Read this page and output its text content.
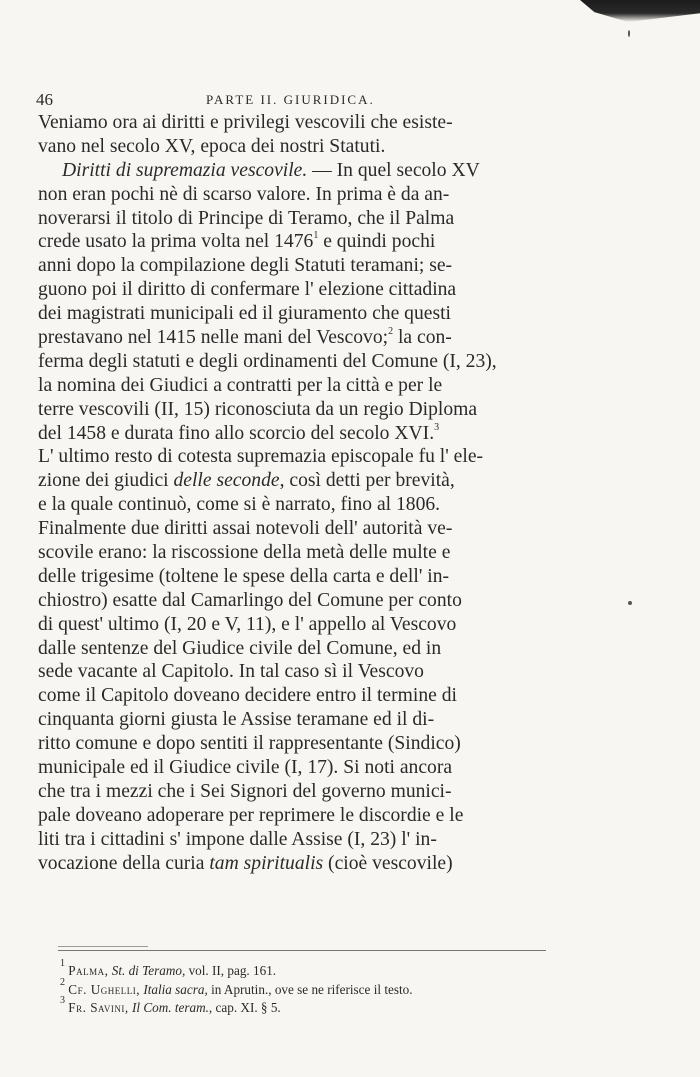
46	PARTE II. GIURIDICA.
Veniamo ora ai diritti e privilegi vescovili che esiste-
vano nel secolo XV, epoca dei nostri Statuti.
Diritti di supremazia vescovile. — In quel secolo XV
non eran pochi nè di scarso valore. In prima è da an-
noverarsi il titolo di Principe di Teramo, che il Palma
crede usato la prima volta nel 1476$^1$ e quindi pochi
anni dopo la compilazione degli Statuti teramani; se-
guono poi il diritto di confermare l' elezione cittadina
dei magistrati municipali ed il giuramento che questi
prestavano nel 1415 nelle mani del Vescovo;$^2$ la con-
ferma degli statuti e degli ordinamenti del Comune (I, 23),
la nomina dei Giudici a contratti per la città e per le
terre vescovili (II, 15) riconosciuta da un regio Diploma
del 1458 e durata fino allo scorcio del secolo XVI.$^3$
L' ultimo resto di cotesta supremazia episcopale fu l' ele-
zione dei giudici delle seconde, così detti per brevità,
e la quale continuò, come si è narrato, fino al 1806.
Finalmente due diritti assai notevoli dell' autorità ve-
scovile erano: la riscossione della metà delle multe e
delle trigesime (toltene le spese della carta e dell' in-
chiostro) esatte dal Camarlingo del Comune per conto
di quest' ultimo (I, 20 e V, 11), e l' appello al Vescovo
dalle sentenze del Giudice civile del Comune, ed in
sede vacante al Capitolo. In tal caso sì il Vescovo
come il Capitolo doveano decidere entro il termine di
cinquanta giorni giusta le Assise teramane ed il di-
ritto comune e dopo sentiti il rappresentante (Sindico)
municipale ed il Giudice civile (I, 17). Si noti ancora
che tra i mezzi che i Sei Signori del governo munici-
pale doveano adoperare per reprimere le discordie e le
liti tra i cittadini s' impone dalle Assise (I, 23) l' in-
vocazione della curia tam spiritualis (cioè vescovile)
$^1$ Palma, St. di Teramo, vol. II, pag. 161.
$^2$ Cf. Ughelli, Italia sacra, in Aprutin., ove se ne riferisce il testo.
$^3$ Fr. Savini, Il Com. teram., cap. XI. § 5.
